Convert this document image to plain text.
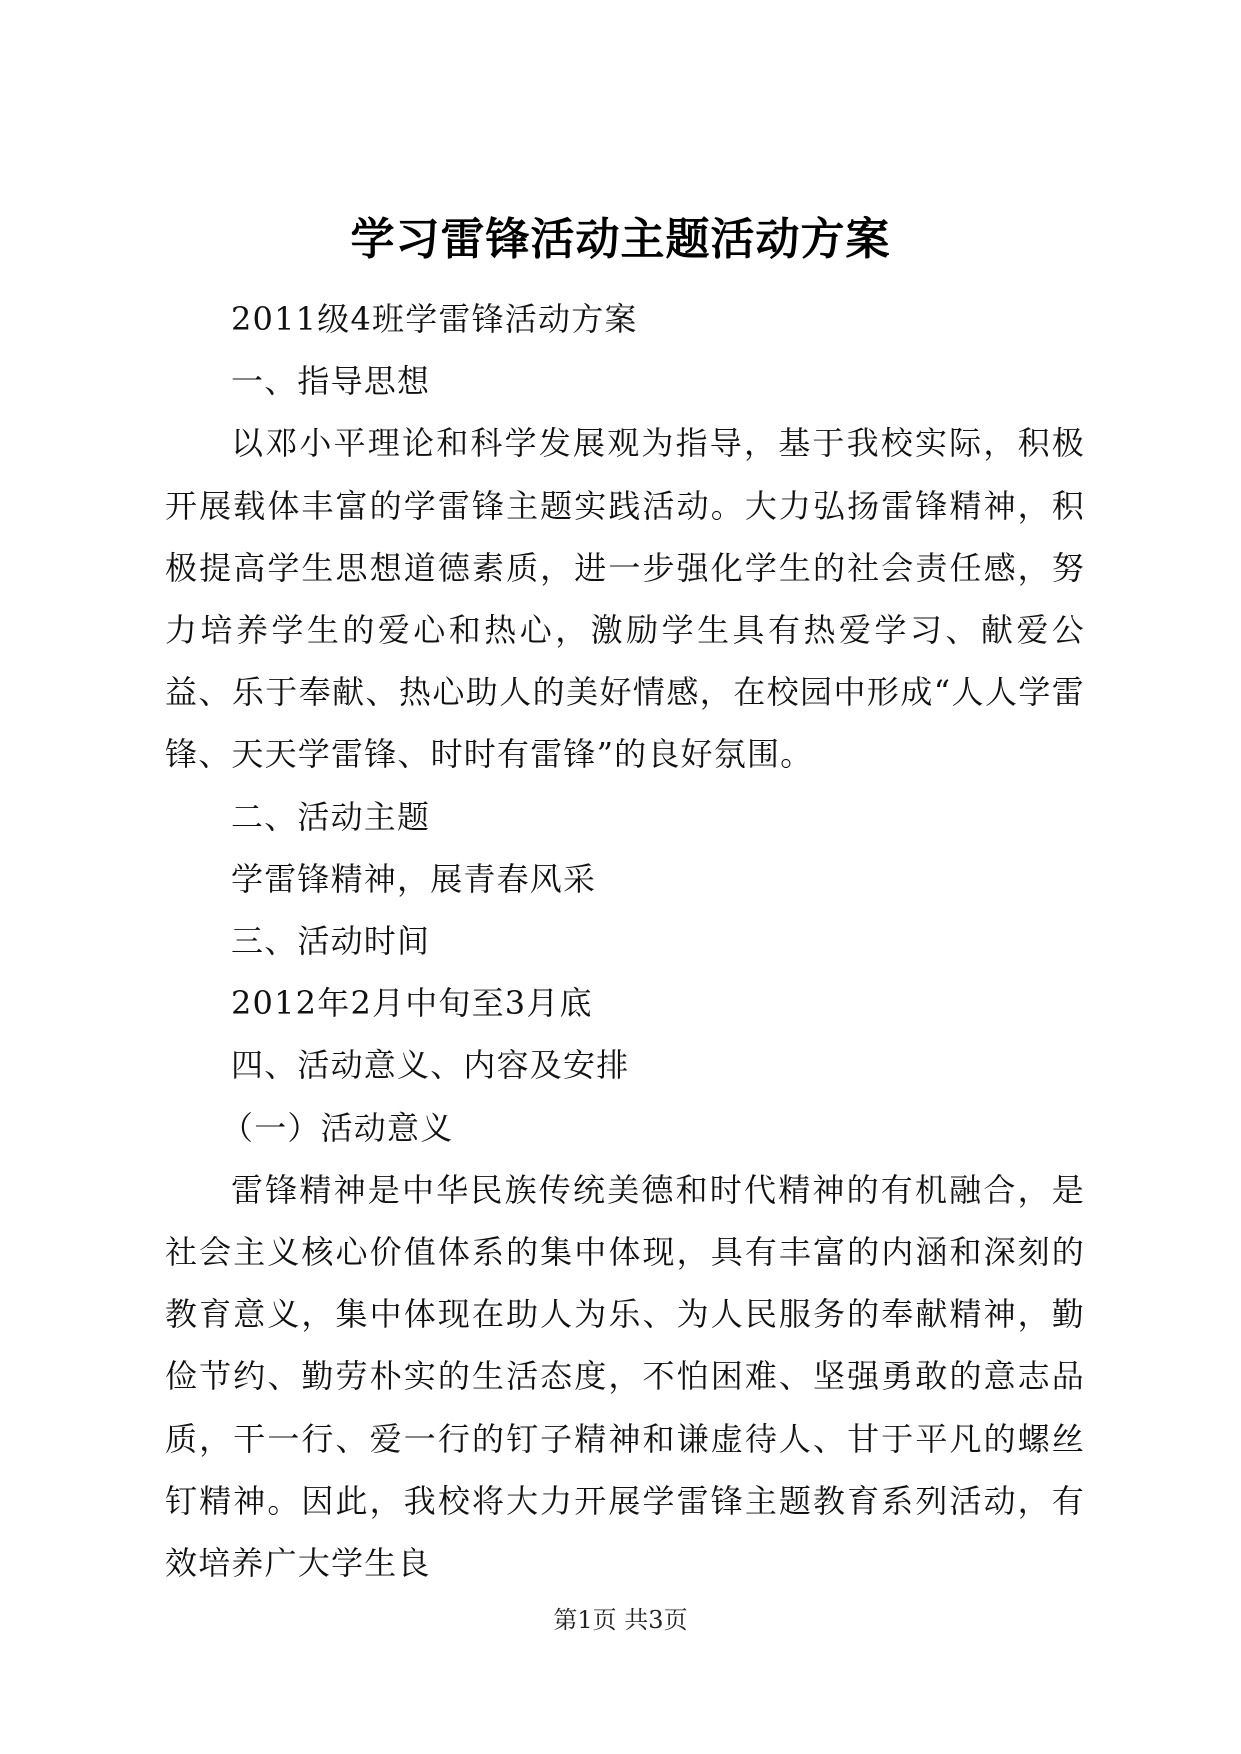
学习雷锋活动主题活动方案

2011级4班学雷锋活动方案

一、指导思想

以邓小平理论和科学发展观为指导，基于我校实际，积极开展载体丰富的学雷锋主题实践活动。大力弘扬雷锋精神，积极提高学生思想道德素质，进一步强化学生的社会责任感，努力培养学生的爱心和热心，激励学生具有热爱学习、献爱公益、乐于奉献、热心助人的美好情感，在校园中形成“人人学雷锋、天天学雷锋、时时有雷锋”的良好氛围。

二、活动主题

学雷锋精神，展青春风采

三、活动时间

2012年2月中旬至3月底

四、活动意义、内容及安排

（一）活动意义

雷锋精神是中华民族传统美德和时代精神的有机融合，是社会主义核心价值体系的集中体现，具有丰富的内涵和深刻的教育意义，集中体现在助人为乐、为人民服务的奉献精神，勤俭节约、勤劳朴实的生活态度，不怕困难、坚强勇敢的意志品质，干一行、爱一行的钉子精神和谦虚待人、甘于平凡的螺丝钉精神。因此，我校将大力开展学雷锋主题教育系列活动，有效培养广大学生良

第1页 共3页
